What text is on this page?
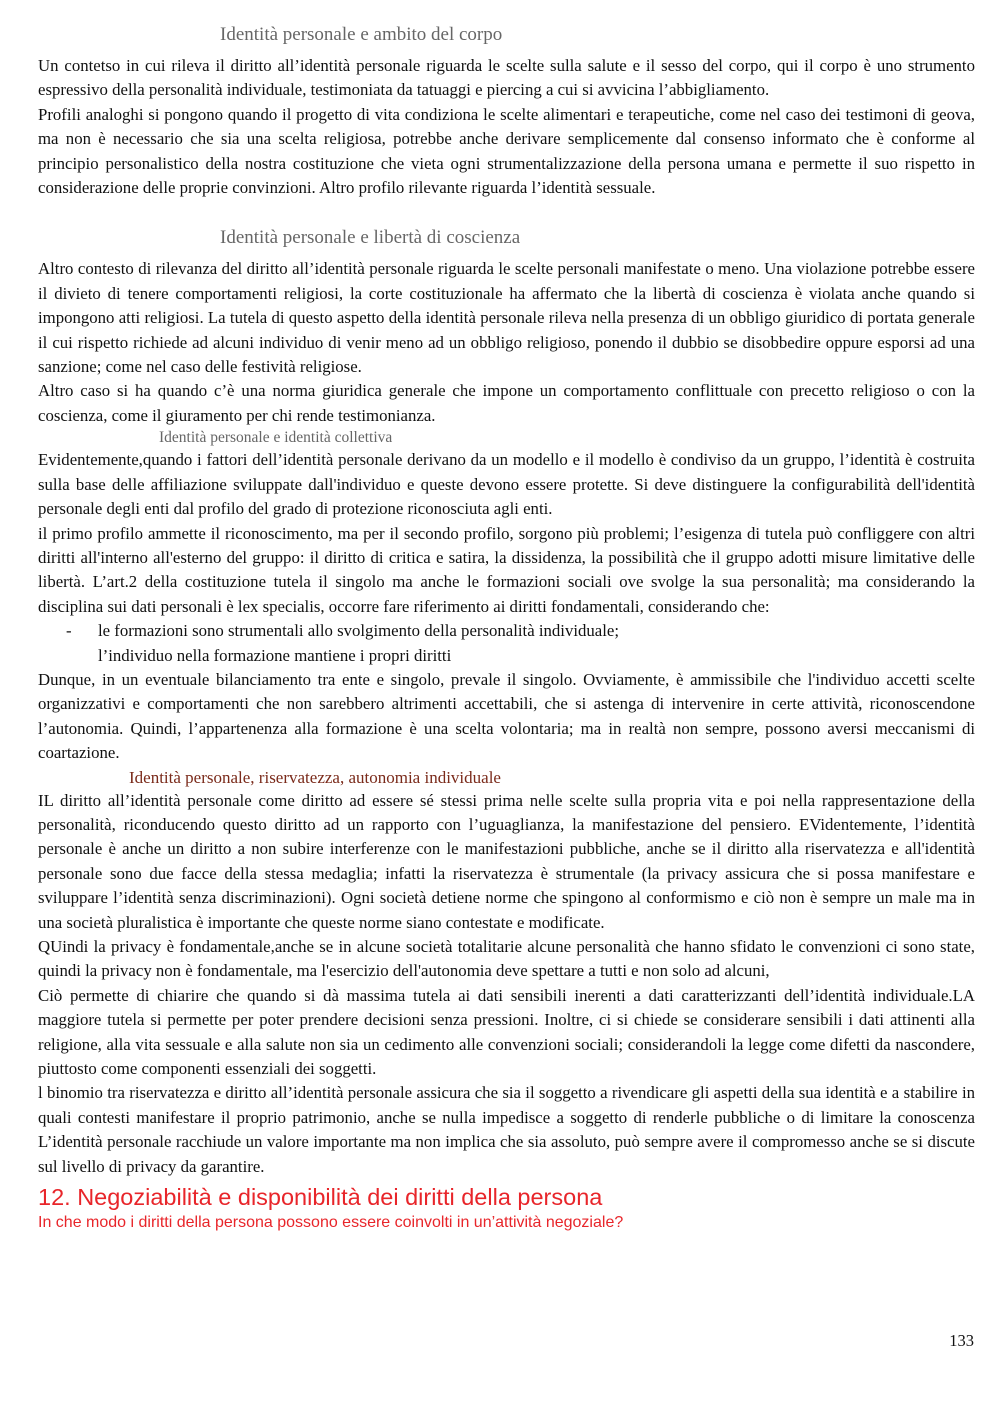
Identità personale e ambito del corpo

Un contetso in cui rileva il diritto all’identità personale riguarda le scelte sulla salute e il sesso del corpo, qui il corpo è uno strumento espressivo della personalità individuale, testimoniata da tatuaggi e piercing a cui si avvicina l’abbigliamento.

Profili analoghi si pongono quando il progetto di vita condiziona le scelte alimentari e terapeutiche, come nel caso dei testimoni di geova, ma non è necessario che sia una scelta religiosa, potrebbe anche derivare semplicemente dal consenso informato che è conforme al principio personalistico della nostra costituzione che vieta ogni strumentalizzazione della persona umana e permette il suo rispetto in considerazione delle proprie convinzioni. Altro profilo rilevante riguarda l’identità sessuale.

Identità personale e libertà di coscienza

Altro contesto di rilevanza del diritto all’identità personale riguarda le scelte personali manifestate o meno. Una violazione potrebbe essere il divieto di tenere comportamenti religiosi, la corte costituzionale ha affermato che la libertà di coscienza è violata anche quando si impongono atti religiosi. La tutela di questo aspetto della identità personale rileva nella presenza di un obbligo giuridico di portata generale il cui rispetto richiede ad alcuni individuo di venir meno ad un obbligo religioso, ponendo il dubbio se disobbedire oppure esporsi ad una sanzione; come nel caso delle festività religiose.

Altro caso si ha quando c’è una norma giuridica generale che impone un comportamento conflittuale con precetto religioso o con la coscienza, come il giuramento per chi rende testimonianza.

Identità personale e identità collettiva

Evidentemente,quando i fattori dell’identità personale derivano da un modello e il modello è condiviso da un gruppo, l’identità è costruita sulla base delle affiliazione sviluppate dall'individuo e queste devono essere protette. Si deve distinguere la configurabilità dell'identità personale degli enti dal profilo del grado di protezione riconosciuta agli enti.

il primo profilo ammette il riconoscimento, ma per il secondo profilo, sorgono più problemi; l’esigenza di tutela può confliggere con altri diritti all'interno all'esterno del gruppo: il diritto di critica e satira, la dissidenza, la possibilità che il gruppo adotti misure limitative delle libertà. L’art.2 della costituzione tutela il singolo ma anche le formazioni sociali ove svolge la sua personalità; ma considerando la disciplina sui dati personali è lex specialis, occorre fare riferimento ai diritti fondamentali, considerando che:

- le formazioni sono strumentali allo svolgimento della personalità individuale;
l’individuo nella formazione mantiene i propri diritti

Dunque, in un eventuale bilanciamento tra ente e singolo, prevale il singolo. Ovviamente, è ammissibile che l'individuo accetti scelte organizzativi e comportamenti che non sarebbero altrimenti accettabili, che si astenga di intervenire in certe attività, riconoscendone l’autonomia. Quindi, l’appartenenza alla formazione è una scelta volontaria; ma in realtà non sempre, possono aversi meccanismi di coartazione.

Identità personale, riservatezza, autonomia individuale

IL diritto all’identità personale come diritto ad essere sé stessi prima nelle scelte sulla propria vita e poi nella rappresentazione della personalità, riconducendo questo diritto ad un rapporto con l’uguaglianza, la manifestazione del pensiero. EVidentemente, l’identità personale è anche un diritto a non subire interferenze con le manifestazioni pubbliche, anche se il diritto alla riservatezza e all'identità personale sono due facce della stessa medaglia; infatti la riservatezza è strumentale (la privacy assicura che si possa manifestare e sviluppare l’identità senza discriminazioni). Ogni società detiene norme che spingono al conformismo e ciò non è sempre un male ma in una società pluralistica è importante che queste norme siano contestate e modificate.

QUindi la privacy è fondamentale,anche se in alcune società totalitarie alcune personalità che hanno sfidato le convenzioni ci sono state, quindi la privacy non è fondamentale, ma l'esercizio dell'autonomia deve spettare a tutti e non solo ad alcuni,

Ciò permette di chiarire che quando si dà massima tutela ai dati sensibili inerenti a dati caratterizzanti dell’identità individuale.LA maggiore tutela si permette per poter prendere decisioni senza pressioni. Inoltre, ci si chiede se considerare sensibili i dati attinenti alla religione, alla vita sessuale e alla salute non sia un cedimento alle convenzioni sociali; considerandoli la legge come difetti da nascondere, piuttosto come componenti essenziali dei soggetti.

l binomio tra riservatezza e diritto all’identità personale assicura che sia il soggetto a rivendicare gli aspetti della sua identità e a stabilire in quali contesti manifestare il proprio patrimonio, anche se nulla impedisce a soggetto di renderle pubbliche o di limitare la conoscenza L’identità personale racchiude un valore importante ma non implica che sia assoluto, può sempre avere il compromesso anche se si discute sul livello di privacy da garantire.

12. Negoziabilità e disponibilità dei diritti della persona
In che modo i diritti della persona possono essere coinvolti in un’attività negoziale?
133
